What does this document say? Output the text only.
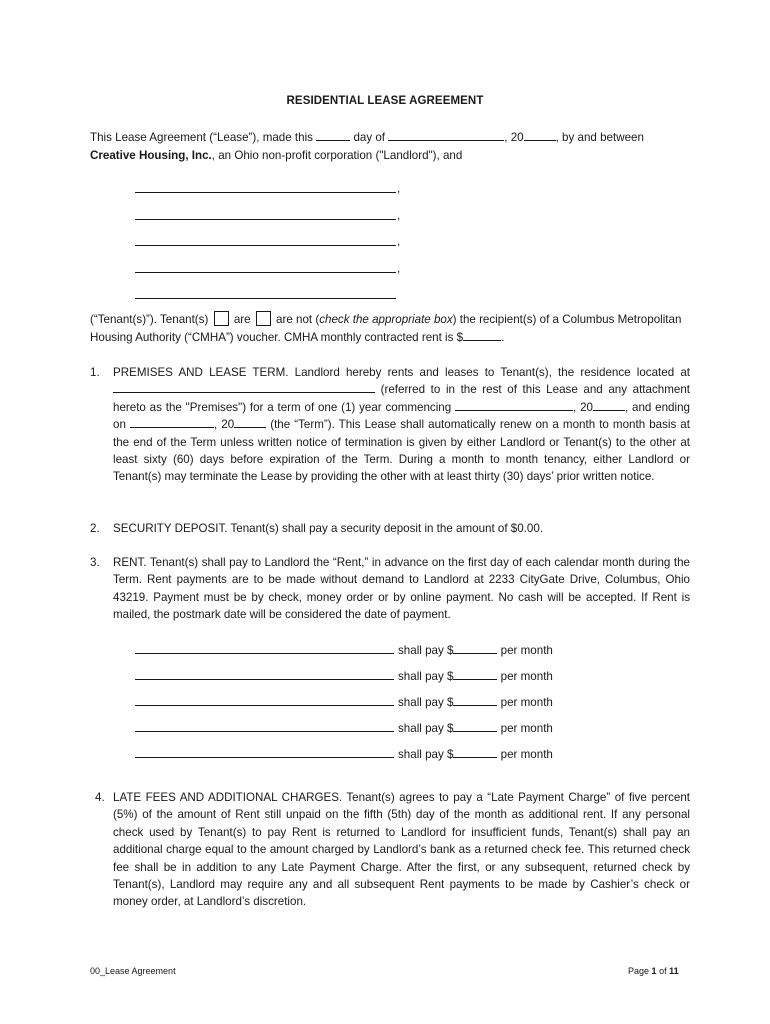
RESIDENTIAL LEASE AGREEMENT
This Lease Agreement (“Lease”), made this	day of	, 20	, by and between
Creative Housing, Inc., an Ohio non-profit corporation ("Landlord"), and
,
,
,
,
(“Tenant(s)”). Tenant(s) are are not (check the appropriate box) the recipient(s) of a Columbus Metropolitan Housing Authority (“CMHA”) voucher. CMHA monthly contracted rent is $	.
1. PREMISES AND LEASE TERM. Landlord hereby rents and leases to Tenant(s), the residence located at  (referred to in the rest of this Lease and any attachment hereto as the "Premises") for a term of one (1) year commencing	, 20	, and ending on	, 20	(the “Term”). This Lease shall automatically renew on a month to month basis at the end of the Term unless written notice of termination is given by either Landlord or Tenant(s) to the other at least sixty (60) days before expiration of the Term. During a month to month tenancy, either Landlord or Tenant(s) may terminate the Lease by providing the other with at least thirty (30) days’ prior written notice.
2. SECURITY DEPOSIT. Tenant(s) shall pay a security deposit in the amount of $0.00.
3. RENT. Tenant(s) shall pay to Landlord the “Rent,” in advance on the first day of each calendar month during the Term. Rent payments are to be made without demand to Landlord at 2233 CityGate Drive, Columbus, Ohio 43219. Payment must be by check, money order or by online payment. No cash will be accepted. If Rent is mailed, the postmark date will be considered the date of payment.
shall pay $	per month
shall pay $	per month
shall pay $	per month
shall pay $	per month
shall pay $	per month
4. LATE FEES AND ADDITIONAL CHARGES. Tenant(s) agrees to pay a “Late Payment Charge” of five percent (5%) of the amount of Rent still unpaid on the fifth (5th) day of the month as additional rent. If any personal check used by Tenant(s) to pay Rent is returned to Landlord for insufficient funds, Tenant(s) shall pay an additional charge equal to the amount charged by Landlord’s bank as a returned check fee. This returned check fee shall be in addition to any Late Payment Charge. After the first, or any subsequent, returned check by Tenant(s), Landlord may require any and all subsequent Rent payments to be made by Cashier’s check or money order, at Landlord’s discretion.
00_Lease Agreement	Page 1 of 11
